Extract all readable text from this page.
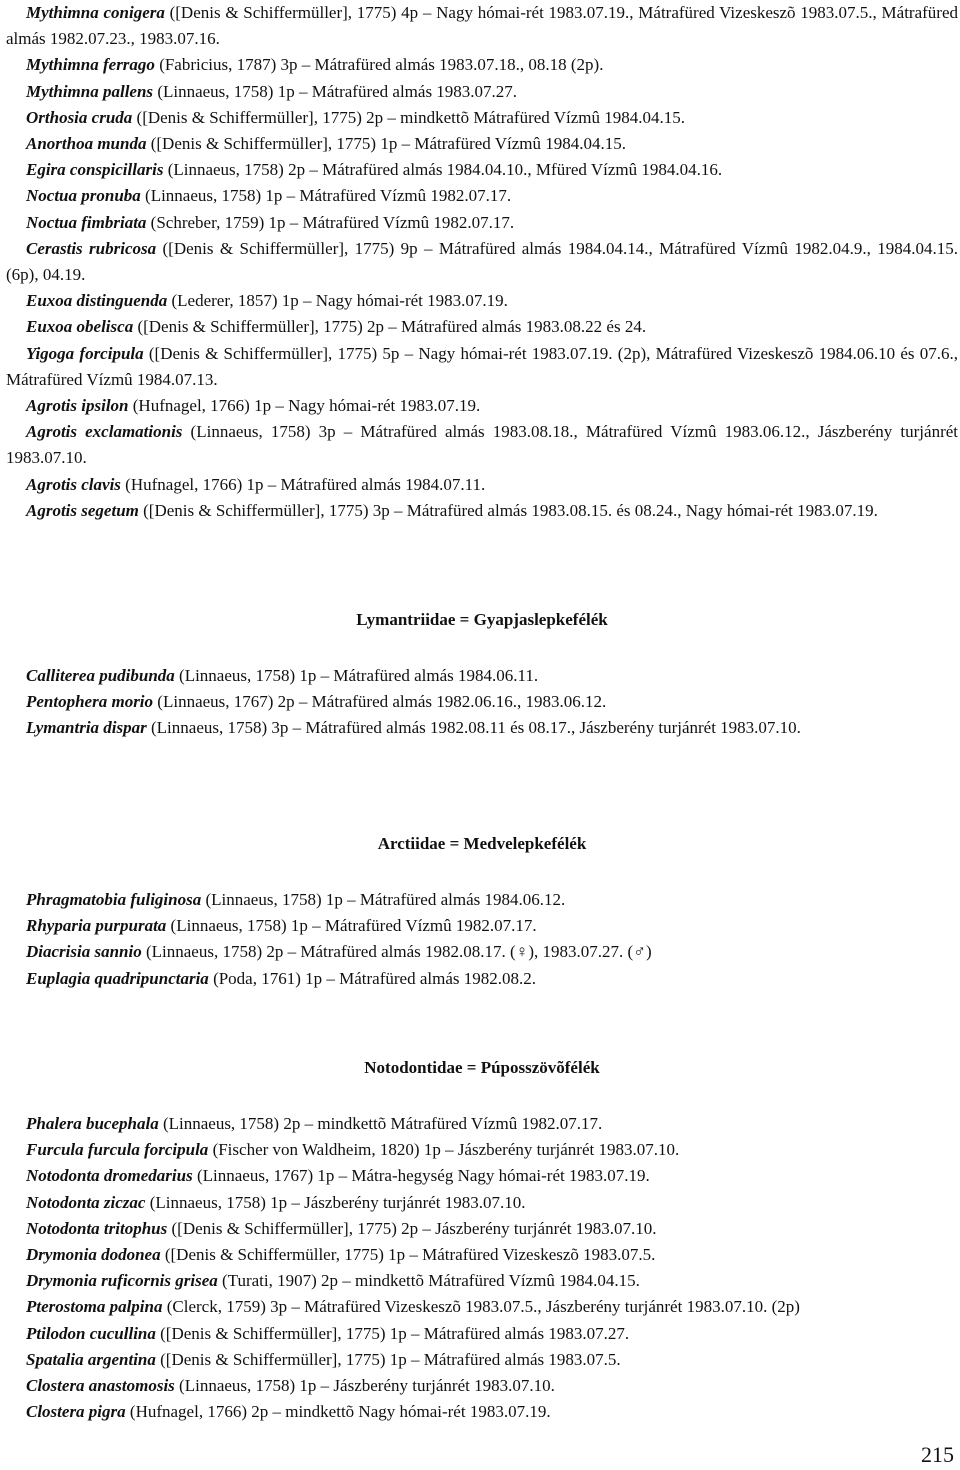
Mythimna conigera ([Denis & Schiffermüller], 1775) 4p – Nagy hómai-rét 1983.07.19., Mátrafüred Vizeskeszõ 1983.07.5., Mátrafüred almás 1982.07.23., 1983.07.16.

Mythimna ferrago (Fabricius, 1787) 3p – Mátrafüred almás 1983.07.18., 08.18 (2p).

Mythimna pallens (Linnaeus, 1758) 1p – Mátrafüred almás 1983.07.27.

Orthosia cruda ([Denis & Schiffermüller], 1775) 2p – mindkettõ Mátrafüred Vízmû 1984.04.15.

Anorthoa munda ([Denis & Schiffermüller], 1775) 1p – Mátrafüred Vízmû 1984.04.15.

Egira conspicillaris (Linnaeus, 1758) 2p – Mátrafüred almás 1984.04.10., Mfüred Vízmû 1984.04.16.

Noctua pronuba (Linnaeus, 1758) 1p – Mátrafüred Vízmû 1982.07.17.

Noctua fimbriata (Schreber, 1759) 1p – Mátrafüred Vízmû 1982.07.17.

Cerastis rubricosa ([Denis & Schiffermüller], 1775) 9p – Mátrafüred almás 1984.04.14., Mátrafüred Vízmû 1982.04.9., 1984.04.15. (6p), 04.19.

Euxoa distinguenda (Lederer, 1857) 1p – Nagy hómai-rét 1983.07.19.

Euxoa obelisca ([Denis & Schiffermüller], 1775) 2p – Mátrafüred almás 1983.08.22 és 24.

Yigoga forcipula ([Denis & Schiffermüller], 1775) 5p – Nagy hómai-rét 1983.07.19. (2p), Mátrafüred Vizeskeszõ 1984.06.10 és 07.6., Mátrafüred Vízmû 1984.07.13.

Agrotis ipsilon (Hufnagel, 1766) 1p – Nagy hómai-rét 1983.07.19.

Agrotis exclamationis (Linnaeus, 1758) 3p – Mátrafüred almás 1983.08.18., Mátrafüred Vízmû 1983.06.12., Jászberény turjánrét 1983.07.10.

Agrotis clavis (Hufnagel, 1766) 1p – Mátrafüred almás 1984.07.11.

Agrotis segetum ([Denis & Schiffermüller], 1775) 3p – Mátrafüred almás 1983.08.15. és 08.24., Nagy hómai-rét 1983.07.19.

Lymantriidae = Gyapjaslepkefélék

Calliterea pudibunda (Linnaeus, 1758) 1p – Mátrafüred almás 1984.06.11.

Pentophera morio (Linnaeus, 1767) 2p – Mátrafüred almás 1982.06.16., 1983.06.12.

Lymantria dispar (Linnaeus, 1758) 3p – Mátrafüred almás 1982.08.11 és 08.17., Jászberény turjánrét 1983.07.10.

Arctiidae = Medvelepkefélék

Phragmatobia fuliginosa (Linnaeus, 1758) 1p – Mátrafüred almás 1984.06.12.

Rhyparia purpurata (Linnaeus, 1758) 1p – Mátrafüred Vízmû 1982.07.17.

Diacrisia sannio (Linnaeus, 1758) 2p – Mátrafüred almás 1982.08.17. (♀), 1983.07.27. (♂)

Euplagia quadripunctaria (Poda, 1761) 1p – Mátrafüred almás 1982.08.2.

Notodontidae = Púposszövõfélék

Phalera bucephala (Linnaeus, 1758) 2p – mindkettõ Mátrafüred Vízmû 1982.07.17.

Furcula furcula forcipula (Fischer von Waldheim, 1820) 1p – Jászberény turjánrét 1983.07.10.

Notodonta dromedarius (Linnaeus, 1767) 1p – Mátra-hegység Nagy hómai-rét 1983.07.19.

Notodonta ziczac (Linnaeus, 1758) 1p – Jászberény turjánrét 1983.07.10.

Notodonta tritophus ([Denis & Schiffermüller], 1775) 2p – Jászberény turjánrét 1983.07.10.

Drymonia dodonea ([Denis & Schiffermüller, 1775) 1p – Mátrafüred Vizeskeszõ 1983.07.5.

Drymonia ruficornis grisea (Turati, 1907) 2p – mindkettõ Mátrafüred Vízmû 1984.04.15.

Pterostoma palpina (Clerck, 1759) 3p – Mátrafüred Vizeskeszõ 1983.07.5., Jászberény turjánrét 1983.07.10. (2p)

Ptilodon cucullina ([Denis & Schiffermüller], 1775) 1p – Mátrafüred almás 1983.07.27.

Spatalia argentina ([Denis & Schiffermüller], 1775) 1p – Mátrafüred almás 1983.07.5.

Clostera anastomosis (Linnaeus, 1758) 1p – Jászberény turjánrét 1983.07.10.

Clostera pigra (Hufnagel, 1766) 2p – mindkettõ Nagy hómai-rét 1983.07.19.

215
